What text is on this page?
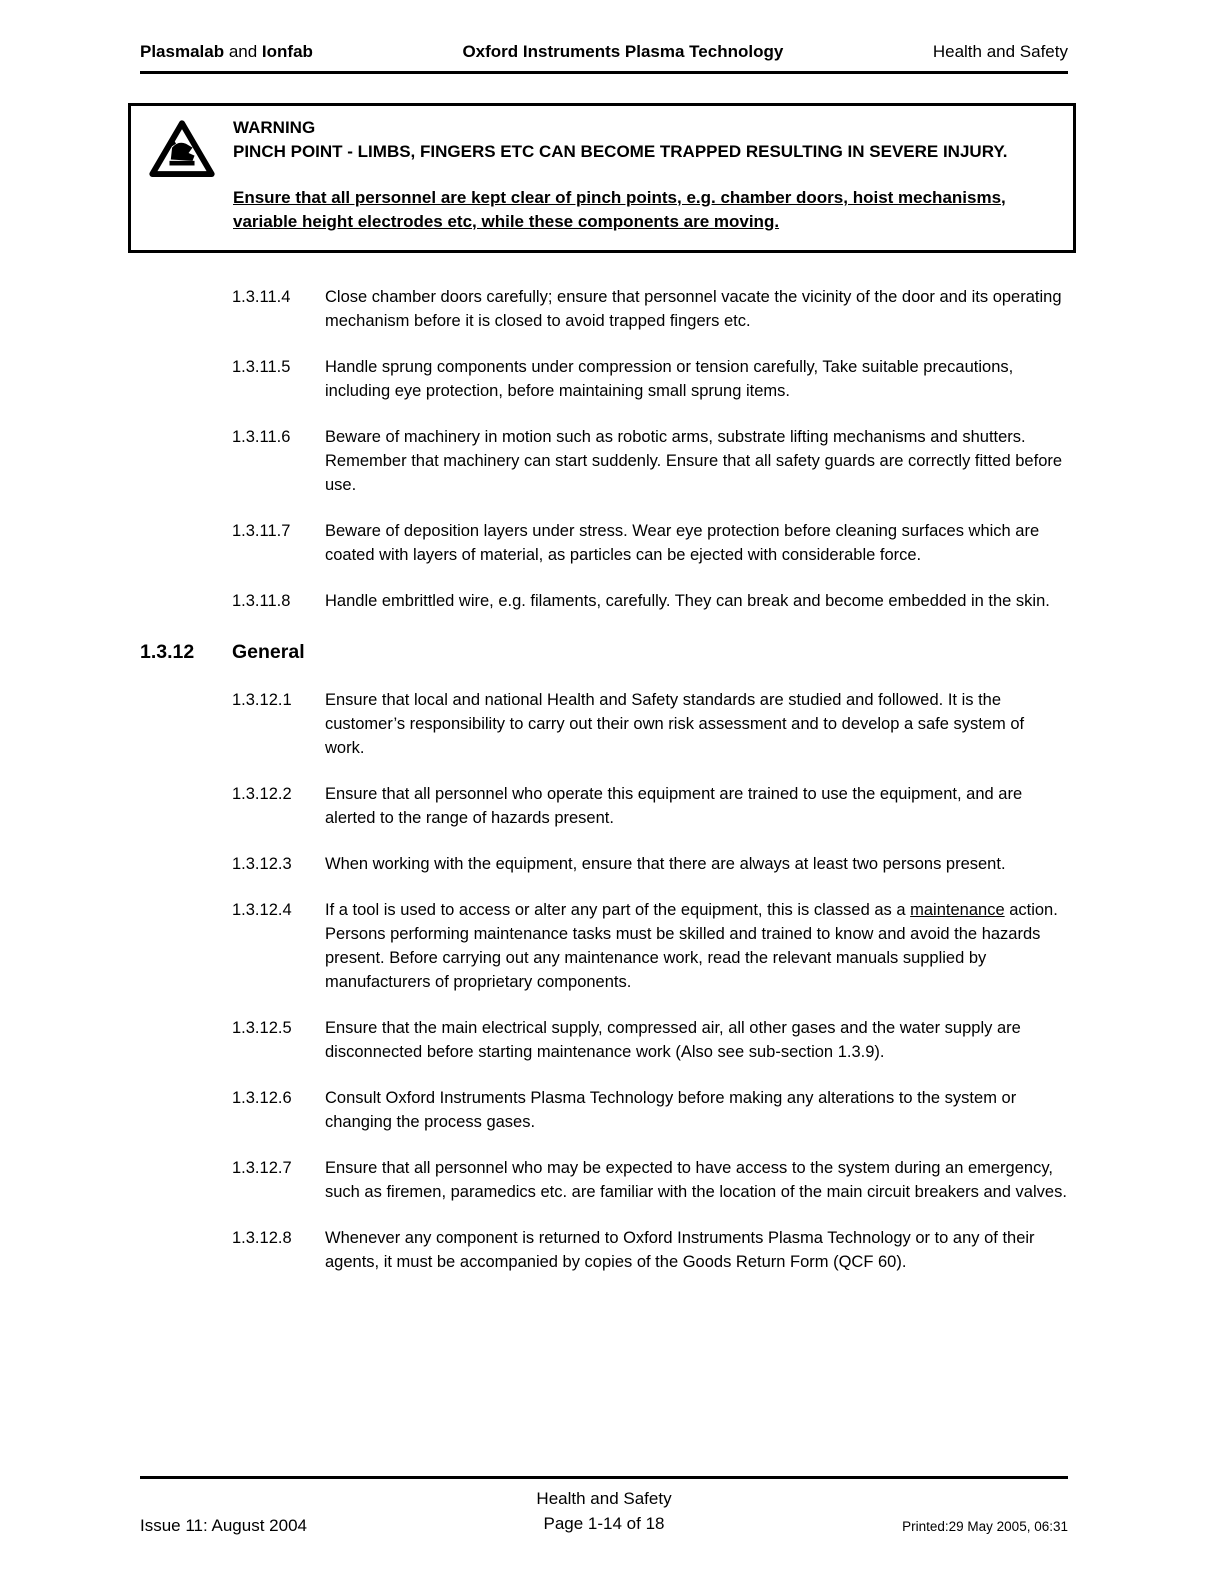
Plasmalab and Ionfab	Oxford Instruments Plasma Technology	Health and Safety
WARNING
PINCH POINT - LIMBS, FINGERS ETC CAN BECOME TRAPPED RESULTING IN SEVERE INJURY.
Ensure that all personnel are kept clear of pinch points, e.g. chamber doors, hoist mechanisms, variable height electrodes etc, while these components are moving.
1.3.11.4	Close chamber doors carefully; ensure that personnel vacate the vicinity of the door and its operating mechanism before it is closed to avoid trapped fingers etc.
1.3.11.5	Handle sprung components under compression or tension carefully, Take suitable precautions, including eye protection, before maintaining small sprung items.
1.3.11.6	Beware of machinery in motion such as robotic arms, substrate lifting mechanisms and shutters. Remember that machinery can start suddenly. Ensure that all safety guards are correctly fitted before use.
1.3.11.7	Beware of deposition layers under stress. Wear eye protection before cleaning surfaces which are coated with layers of material, as particles can be ejected with considerable force.
1.3.11.8	Handle embrittled wire, e.g. filaments, carefully. They can break and become embedded in the skin.
1.3.12	General
1.3.12.1	Ensure that local and national Health and Safety standards are studied and followed. It is the customer’s responsibility to carry out their own risk assessment and to develop a safe system of work.
1.3.12.2	Ensure that all personnel who operate this equipment are trained to use the equipment, and are alerted to the range of hazards present.
1.3.12.3	When working with the equipment, ensure that there are always at least two persons present.
1.3.12.4	If a tool is used to access or alter any part of the equipment, this is classed as a maintenance action. Persons performing maintenance tasks must be skilled and trained to know and avoid the hazards present. Before carrying out any maintenance work, read the relevant manuals supplied by manufacturers of proprietary components.
1.3.12.5	Ensure that the main electrical supply, compressed air, all other gases and the water supply are disconnected before starting maintenance work (Also see sub-section 1.3.9).
1.3.12.6	Consult Oxford Instruments Plasma Technology before making any alterations to the system or changing the process gases.
1.3.12.7	Ensure that all personnel who may be expected to have access to the system during an emergency, such as firemen, paramedics etc. are familiar with the location of the main circuit breakers and valves.
1.3.12.8	Whenever any component is returned to Oxford Instruments Plasma Technology or to any of their agents, it must be accompanied by copies of the Goods Return Form (QCF 60).
Issue 11: August 2004
Health and Safety
Page 1-14 of 18	Printed:29 May 2005, 06:31
